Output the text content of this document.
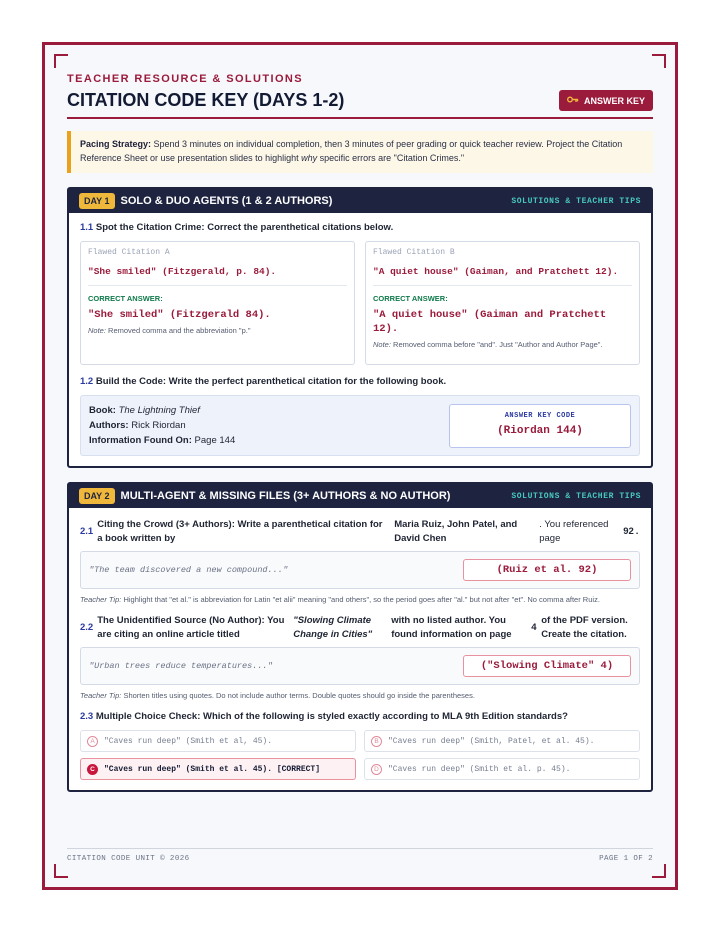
TEACHER RESOURCE & SOLUTIONS
CITATION CODE KEY (DAYS 1-2)	ANSWER KEY
Pacing Strategy: Spend 3 minutes on individual completion, then 3 minutes of peer grading or quick teacher review. Project the Citation Reference Sheet or use presentation slides to highlight why specific errors are "Citation Crimes."
DAY 1	SOLO & DUO AGENTS (1 & 2 AUTHORS)	SOLUTIONS & TEACHER TIPS
1.1 Spot the Citation Crime: Correct the parenthetical citations below.
Flawed Citation A
"She smiled" (Fitzgerald, p. 84).
CORRECT ANSWER:
"She smiled" (Fitzgerald 84).
Note: Removed comma and the abbreviation "p."
Flawed Citation B
"A quiet house" (Gaiman, and Pratchett 12).
CORRECT ANSWER:
"A quiet house" (Gaiman and Pratchett 12).
Note: Removed comma before "and". Just "Author and Author Page".
1.2 Build the Code: Write the perfect parenthetical citation for the following book.
Book: The Lightning Thief
Authors: Rick Riordan
Information Found On: Page 144
ANSWER KEY CODE
(Riordan 144)
DAY 2	MULTI-AGENT & MISSING FILES (3+ AUTHORS & NO AUTHOR)	SOLUTIONS & TEACHER TIPS
2.1
Citing the Crowd (3+ Authors): Write a parenthetical citation for a book written by
Maria Ruiz, John Patel, and David Chen
. You referenced page
92 .
"The team discovered a new compound..."	(Ruiz et al. 92)
Teacher Tip: Highlight that "et al." is abbreviation for Latin "et alii" meaning "and others", so the period goes after "al." but not after "et". No comma after Ruiz.
2.2
The Unidentified Source (No Author): You are citing an online article titled
"Slowing Climate Change in Cities"
with no listed author. You found information on page
4
of the PDF version. Create the citation.
"Urban trees reduce temperatures..."	("Slowing Climate" 4)
Teacher Tip: Shorten titles using quotes. Do not include author terms. Double quotes should go inside the parentheses.
2.3 Multiple Choice Check: Which of the following is styled exactly according to MLA 9th Edition standards?
A	"Caves run deep" (Smith et al, 45).	B	"Caves run deep" (Smith, Patel, et al. 45).
C	"Caves run deep" (Smith et al. 45). [CORRECT]	D	"Caves run deep" (Smith et al. p. 45).
CITATION CODE UNIT © 2026	PAGE 1 OF 2
